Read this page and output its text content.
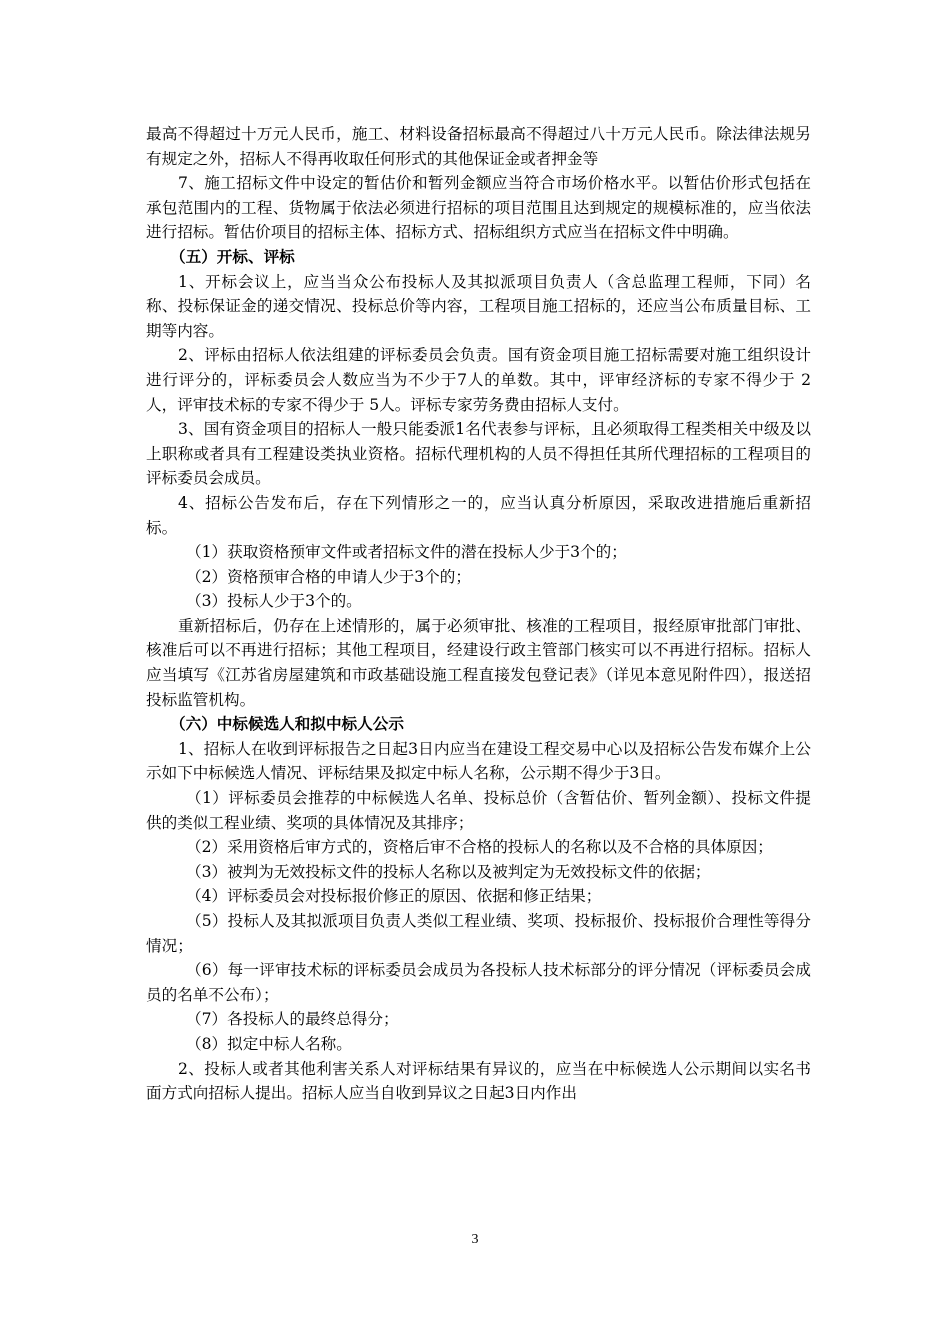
最高不得超过十万元人民币，施工、材料设备招标最高不得超过八十万元人民币。除法律法规另有规定之外，招标人不得再收取任何形式的其他保证金或者押金等

7、施工招标文件中设定的暂估价和暂列金额应当符合市场价格水平。以暂估价形式包括在承包范围内的工程、货物属于依法必须进行招标的项目范围且达到规定的规模标准的，应当依法进行招标。暂估价项目的招标主体、招标方式、招标组织方式应当在招标文件中明确。

（五）开标、评标

1、开标会议上，应当当众公布投标人及其拟派项目负责人（含总监理工程师，下同）名称、投标保证金的递交情况、投标总价等内容，工程项目施工招标的，还应当公布质量目标、工期等内容。

2、评标由招标人依法组建的评标委员会负责。国有资金项目施工招标需要对施工组织设计进行评分的，评标委员会人数应当为不少于7人的单数。其中，评审经济标的专家不得少于 2 人，评审技术标的专家不得少于 5人。评标专家劳务费由招标人支付。

3、国有资金项目的招标人一般只能委派1名代表参与评标，且必须取得工程类相关中级及以上职称或者具有工程建设类执业资格。招标代理机构的人员不得担任其所代理招标的工程项目的评标委员会成员。

4、招标公告发布后，存在下列情形之一的，应当认真分析原因，采取改进措施后重新招标。

（1）获取资格预审文件或者招标文件的潜在投标人少于3个的；

（2）资格预审合格的申请人少于3个的；

（3）投标人少于3个的。

重新招标后，仍存在上述情形的，属于必须审批、核准的工程项目，报经原审批部门审批、核准后可以不再进行招标；其他工程项目，经建设行政主管部门核实可以不再进行招标。招标人应当填写《江苏省房屋建筑和市政基础设施工程直接发包登记表》（详见本意见附件四），报送招投标监管机构。

（六）中标候选人和拟中标人公示

1、招标人在收到评标报告之日起3日内应当在建设工程交易中心以及招标公告发布媒介上公示如下中标候选人情况、评标结果及拟定中标人名称，公示期不得少于3日。

（1）评标委员会推荐的中标候选人名单、投标总价（含暂估价、暂列金额）、投标文件提供的类似工程业绩、奖项的具体情况及其排序；

（2）采用资格后审方式的，资格后审不合格的投标人的名称以及不合格的具体原因；

（3）被判为无效投标文件的投标人名称以及被判定为无效投标文件的依据；

（4）评标委员会对投标报价修正的原因、依据和修正结果；

（5）投标人及其拟派项目负责人类似工程业绩、奖项、投标报价、投标报价合理性等得分情况；

（6）每一评审技术标的评标委员会成员为各投标人技术标部分的评分情况（评标委员会成员的名单不公布）；

（7）各投标人的最终总得分；

（8）拟定中标人名称。

2、投标人或者其他利害关系人对评标结果有异议的，应当在中标候选人公示期间以实名书面方式向招标人提出。招标人应当自收到异议之日起3日内作出

3
